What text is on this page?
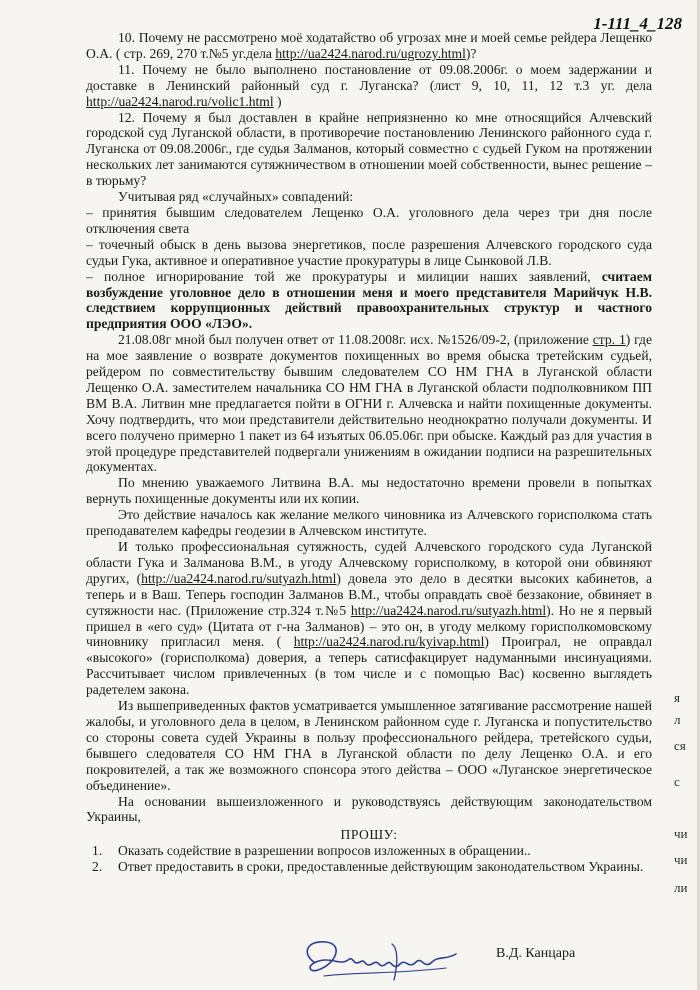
1-111_4_128

10. Почему не рассмотрено моё ходатайство об угрозах мне и моей семье рейдера Лещенко О.А. ( стр. 269, 270 т.№5 уг.дела http://ua2424.narod.ru/ugrozy.html)?

11. Почему не было выполнено постановление от 09.08.2006г. о моем задержании и доставке в Ленинский районный суд г. Луганска? (лист 9, 10, 11, 12 т.3 уг. дела http://ua2424.narod.ru/volic1.html )

12. Почему я был доставлен в крайне неприязненно ко мне относящийся Алчевский городской суд Луганской области, в противоречие постановлению Ленинского районного суда г. Луганска от 09.08.2006г., где судья Залманов, который совместно с судьей Гуком на протяжении нескольких лет занимаются сутяжничеством в отношении моей собственности, вынес решение – в тюрьму?

Учитывая ряд «случайных» совпадений:

– принятия бывшим следователем Лещенко О.А. уголовного дела через три дня после отключения света

– точечный обыск в день вызова энергетиков, после разрешения Алчевского городского суда судьи Гука, активное и оперативное участие прокуратуры в лице Сынковой Л.В.

– полное игнорирование той же прокуратуры и милиции наших заявлений, считаем возбуждение уголовное дело в отношении меня и моего представителя Марийчук Н.В. следствием коррупционных действий правоохранительных структур и частного предприятия ООО «ЛЭО».

21.08.08г мной был получен ответ от 11.08.2008г. исх. №1526/09-2, (приложение стр. 1) где на мое заявление о возврате документов похищенных во время обыска третейским судьей, рейдером по совместительству бывшим следователем СО НМ ГНА в Луганской области Лещенко О.А. заместителем начальника СО НМ ГНА в Луганской области подполковником ПП ВМ В.А. Литвин мне предлагается пойти в ОГНИ г. Алчевска и найти похищенные документы. Хочу подтвердить, что мои представители действительно неоднократно получали документы. И всего получено примерно 1 пакет из 64 изъятых 06.05.06г. при обыске. Каждый раз для участия в этой процедуре представителей подвергали унижениям в ожидании подписи на разрешительных документах.

По мнению уважаемого Литвина В.А. мы недостаточно времени провели в попытках вернуть похищенные документы или их копии.

Это действие началось как желание мелкого чиновника из Алчевского горисполкома стать преподавателем кафедры геодезии в Алчевском институте.

И только профессиональная сутяжность, судей Алчевского городского суда Луганской области Гука и Залманова В.М., в угоду Алчевскому горисполкому, в которой они обвиняют других, (http://ua2424.narod.ru/sutyazh.html) довела это дело в десятки высоких кабинетов, а теперь и в Ваш. Теперь господин Залманов В.М., чтобы оправдать своё беззаконие, обвиняет в сутяжности нас. (Приложение стр.324 т.№5 http://ua2424.narod.ru/sutyazh.html). Но не я первый пришел в «его суд» (Цитата от г-на Залманов) – это он, в угоду мелкому горисполкомовскому чиновнику пригласил меня. ( http://ua2424.narod.ru/kyivap.html) Проиграл, не оправдал «высокого» (горисполкома) доверия, а теперь сатисфакцирует надуманными инсинуациями. Рассчитывает числом привлеченных (в том числе и с помощью Вас) косвенно выглядеть радетелем закона.

Из вышеприведенных фактов усматривается умышленное затягивание рассмотрение нашей жалобы, и уголовного дела в целом, в Ленинском районном суде г. Луганска и попустительство со стороны совета судей Украины в пользу профессионального рейдера, третейского судьи, бывшего следователя СО НМ ГНА в Луганской области по делу Лещенко О.А. и его покровителей, а так же возможного спонсора этого действа – ООО «Луганское энергетическое объединение».

На основании вышеизложенного и руководствуясь действующим законодательством Украины,

ПРОШУ:

1. Оказать содействие в разрешении вопросов изложенных в обращении..
2. Ответ предоставить в сроки, предоставленные действующим законодательством Украины.
В.Д. Канцара
я
л
ся
с
чи
чи
ли
